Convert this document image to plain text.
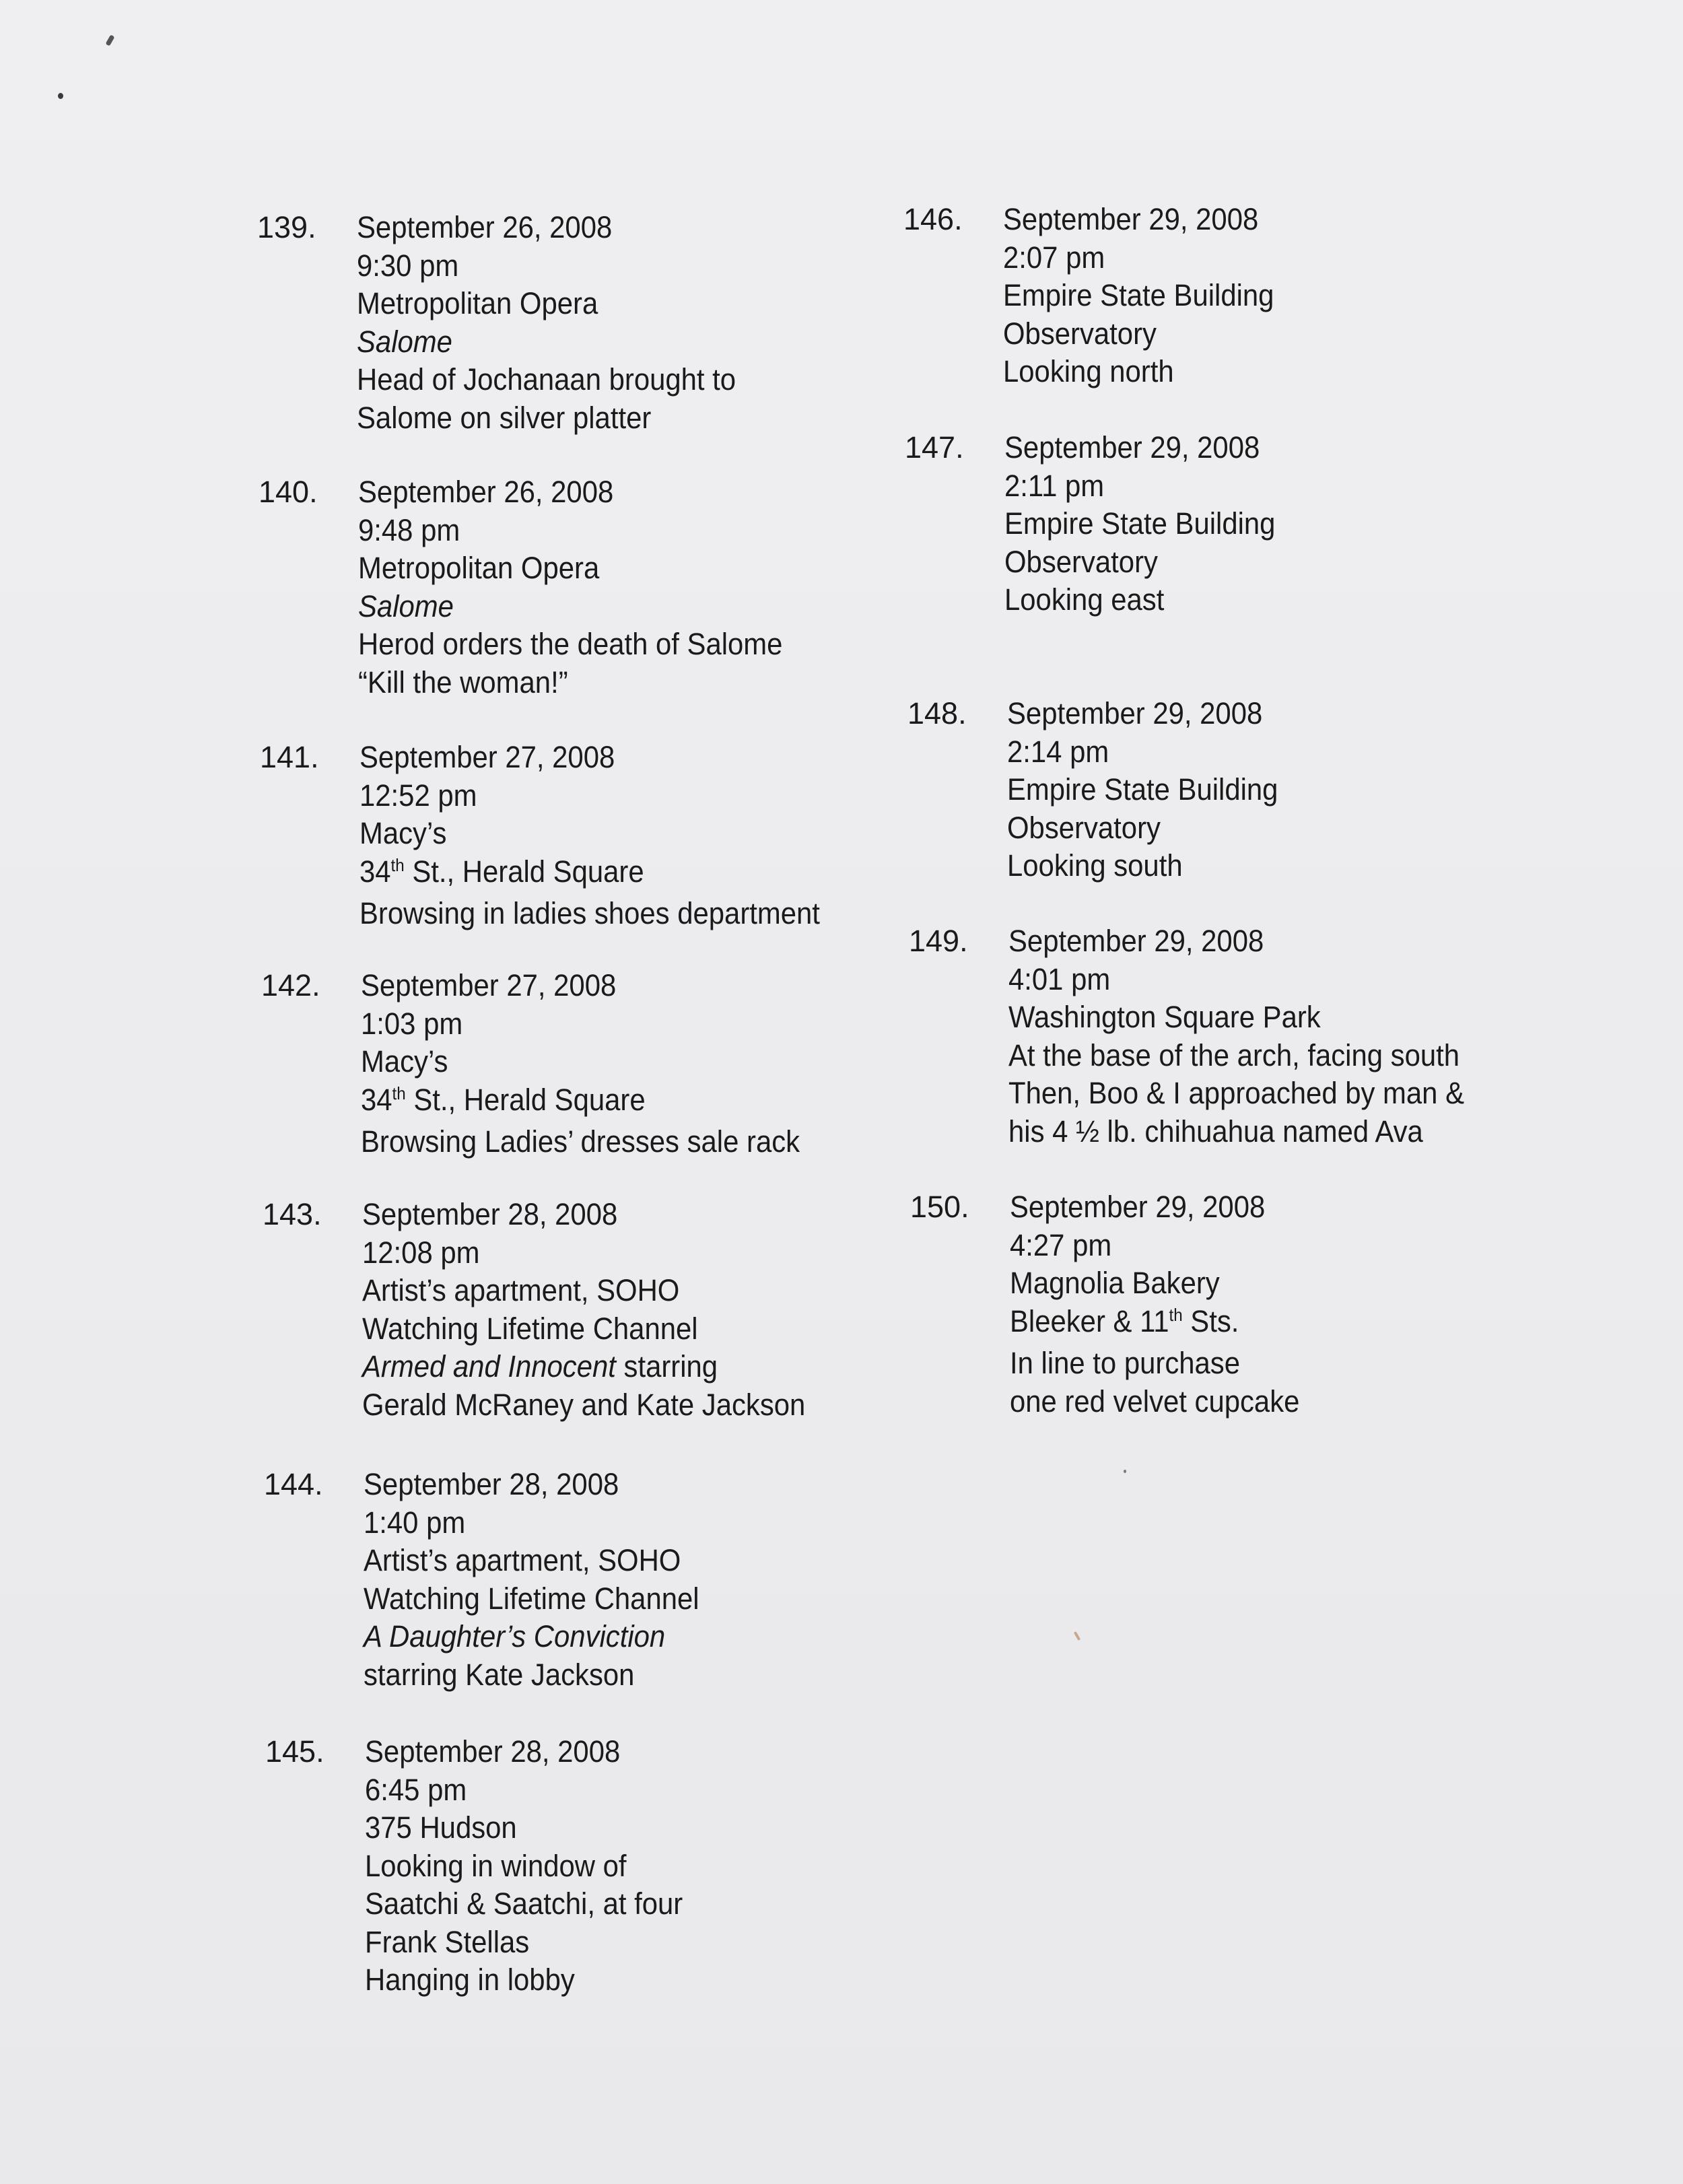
139. September 26, 2008
9:30 pm
Metropolitan Opera
Salome
Head of Jochanaan brought to
Salome on silver platter
140. September 26, 2008
9:48 pm
Metropolitan Opera
Salome
Herod orders the death of Salome
“Kill the woman!”
141. September 27, 2008
12:52 pm
Macy’s
34th St., Herald Square
Browsing in ladies shoes department
142. September 27, 2008
1:03 pm
Macy’s
34th St., Herald Square
Browsing Ladies’ dresses sale rack
143. September 28, 2008
12:08 pm
Artist’s apartment, SOHO
Watching Lifetime Channel
Armed and Innocent starring
Gerald McRaney and Kate Jackson
144. September 28, 2008
1:40 pm
Artist’s apartment, SOHO
Watching Lifetime Channel
A Daughter’s Conviction
starring Kate Jackson
145. September 28, 2008
6:45 pm
375 Hudson
Looking in window of
Saatchi & Saatchi, at four
Frank Stellas
Hanging in lobby
146. September 29, 2008
2:07 pm
Empire State Building
Observatory
Looking north
147. September 29, 2008
2:11 pm
Empire State Building
Observatory
Looking east
148. September 29, 2008
2:14 pm
Empire State Building
Observatory
Looking south
149. September 29, 2008
4:01 pm
Washington Square Park
At the base of the arch, facing south
Then, Boo & I approached by man &
his 4 ½ lb. chihuahua named Ava
150. September 29, 2008
4:27 pm
Magnolia Bakery
Bleeker & 11th Sts.
In line to purchase
one red velvet cupcake
